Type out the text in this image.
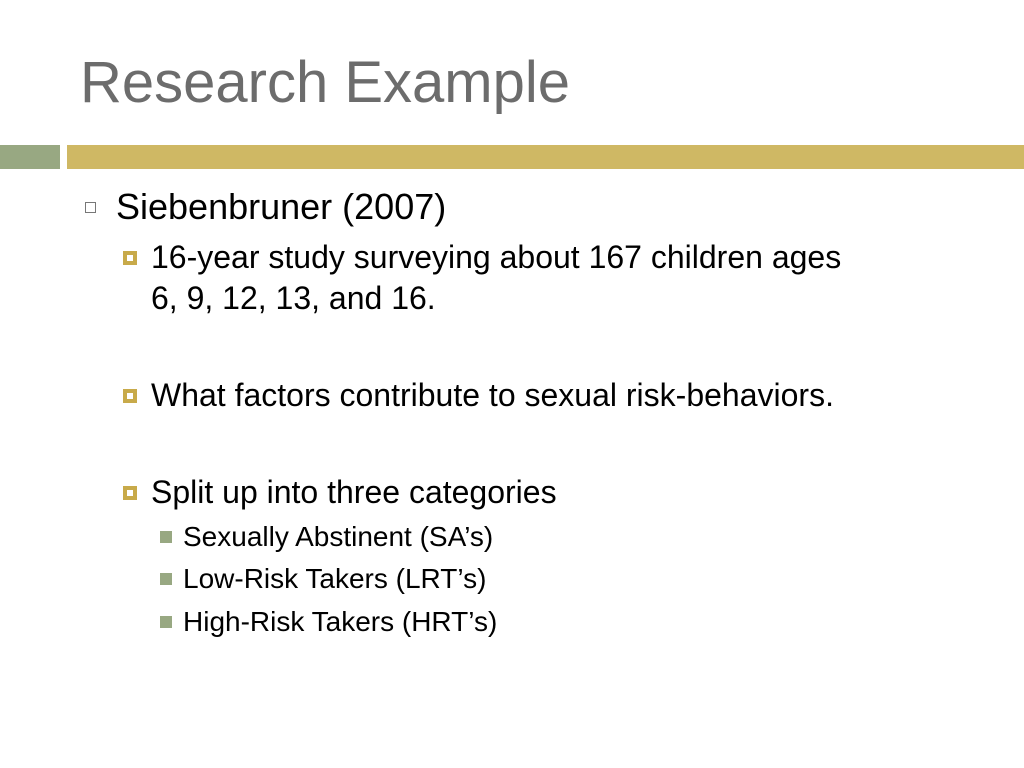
Research Example

Siebenbruner (2007)

16-year study surveying about 167 children ages

6, 9, 12, 13, and 16.

What factors contribute to sexual risk-behaviors.

Split up into three categories

Sexually Abstinent (SA’s)

Low-Risk Takers (LRT’s)

High-Risk Takers (HRT’s)
